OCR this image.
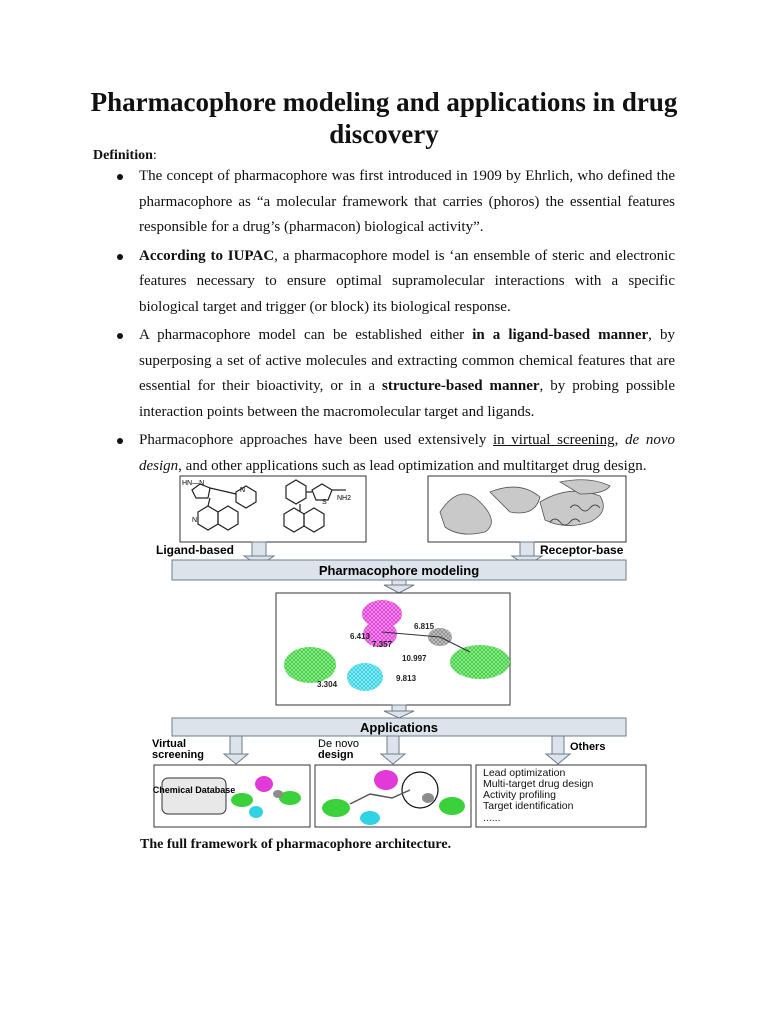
Pharmacophore modeling and applications in drug discovery
Definition:
The concept of pharmacophore was first introduced in 1909 by Ehrlich, who defined the pharmacophore as “a molecular framework that carries (phoros) the essential features responsible for a drug’s (pharmacon) biological activity”.
According to IUPAC, a pharmacophore model is ‘an ensemble of steric and electronic features necessary to ensure optimal supramolecular interactions with a specific biological target and trigger (or block) its biological response.
A pharmacophore model can be established either in a ligand-based manner, by superposing a set of active molecules and extracting common chemical features that are essential for their bioactivity, or in a structure-based manner, by probing possible interaction points between the macromolecular target and ligands.
Pharmacophore approaches have been used extensively in virtual screening, de novo design, and other applications such as lead optimization and multitarget drug design.
HN—N
N
N
S
NH2
Ligand-based	Receptor-base
Pharmacophore modeling
6.413
7.357
6.815
10.997
3.304
9.813
Applications
Virtual screening
De novo	Others
Chemical Database
Lead optimization
Multi-target drug design
Activity profiling
Target identification
......
design
The full framework of pharmacophore architecture.
